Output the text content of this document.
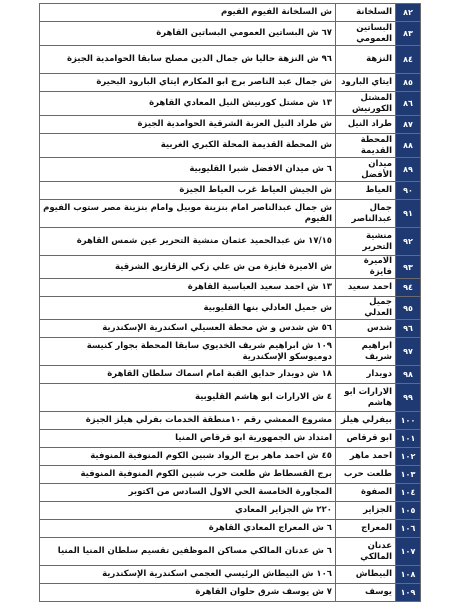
٨٢	السلخانة	ش السلخانة الفيوم الفيوم
٨٣	البساتين العمومي	٦٧ ش البساتين العمومي البساتين القاهرة
٨٤	النزهة	٩٦ ش النزهة حاليا ش جمال الدين مصلح سابقا الحوامدية الجيزة
٨٥	ايتاي البارود	ش جمال عبد الناصر برج ابو المكارم ايتاي البارود البحيرة
٨٦	المشتل الكورنيش	١٣ ش مشتل كورنيش النيل المعادي القاهرة
٨٧	طراد النيل	ش طراد النيل العزبة الشرقية الحوامدية الجيزة
٨٨	المحطة القديمة	ش المحطة القديمة المحلة الكبري الغربية
٨٩	ميدان الأفضل	٦ ش ميدان الافضل شبرا القليوبية
٩٠	العياط	ش الجيش العياط غرب العياط الجيزة
٩١	جمال عبدالناصر	ش جمال عبدالناصر امام بنزينة موبيل وامام بنزينة مصر ستوب الفيوم الفيوم
٩٢	منشية التحرير	١٧/١٥ ش عبدالحميد عثمان منشية التحرير عين شمس القاهرة
٩٣	الاميرة فايزة	ش الاميرة فايزة من ش علي زكي الزقازيق الشرقية
٩٤	احمد سعيد	١٣ ش احمد سعيد العباسية القاهرة
٩٥	جميل العدلي	ش جميل العادلي بنها القليوبية
٩٦	شدس	٥٦ ش شدس و ش محطة العسيلي اسكندرية الإسكندرية
٩٧	ابراهيم شريف	١٠٩ ش ابراهيم شريف الخديوي سابقا المحطة بجوار كنيسة دوميوسكو الإسكندرية
٩٨	دويدار	١٨ ش دويدار حدايق القبة امام اسماك سلطان القاهرة
٩٩	الارارات ابو هاشم	٤ ش الارارات ابو هاشم القليوبية
١٠٠	بيفرلي هيلز	مشروع الممشي رقم ١٠منطقة الخدمات بفرلي هيلز الجيزة
١٠١	ابو قرقاص	امتداد ش الجمهورية ابو قرقاص المنيا
١٠٢	احمد ماهر	٤٥ ش احمد ماهر برج الرواد شبين الكوم المنوفية المنوفية
١٠٣	طلعت حرب	برج القسطاط ش طلعت حرب شبين الكوم المنوفية المنوفية
١٠٤	الصفوة	المجاورة الخامسة الحي الاول السادس من اكتوبر
١٠٥	الجزاير	٢٢٠ ش الجزاير المعادي
١٠٦	المعراج	٦ ش المعراج المعادي القاهرة
١٠٧	عدنان المالكي	٦ ش عدنان المالكي مساكن الموظفين تقسيم سلطان المنيا المنيا
١٠٨	البيطاش	١٠٦ ش البيطاش الرئيسي العجمي اسكندرية الإسكندرية
١٠٩	يوسف	٧ ش يوسف شرق حلوان القاهرة
